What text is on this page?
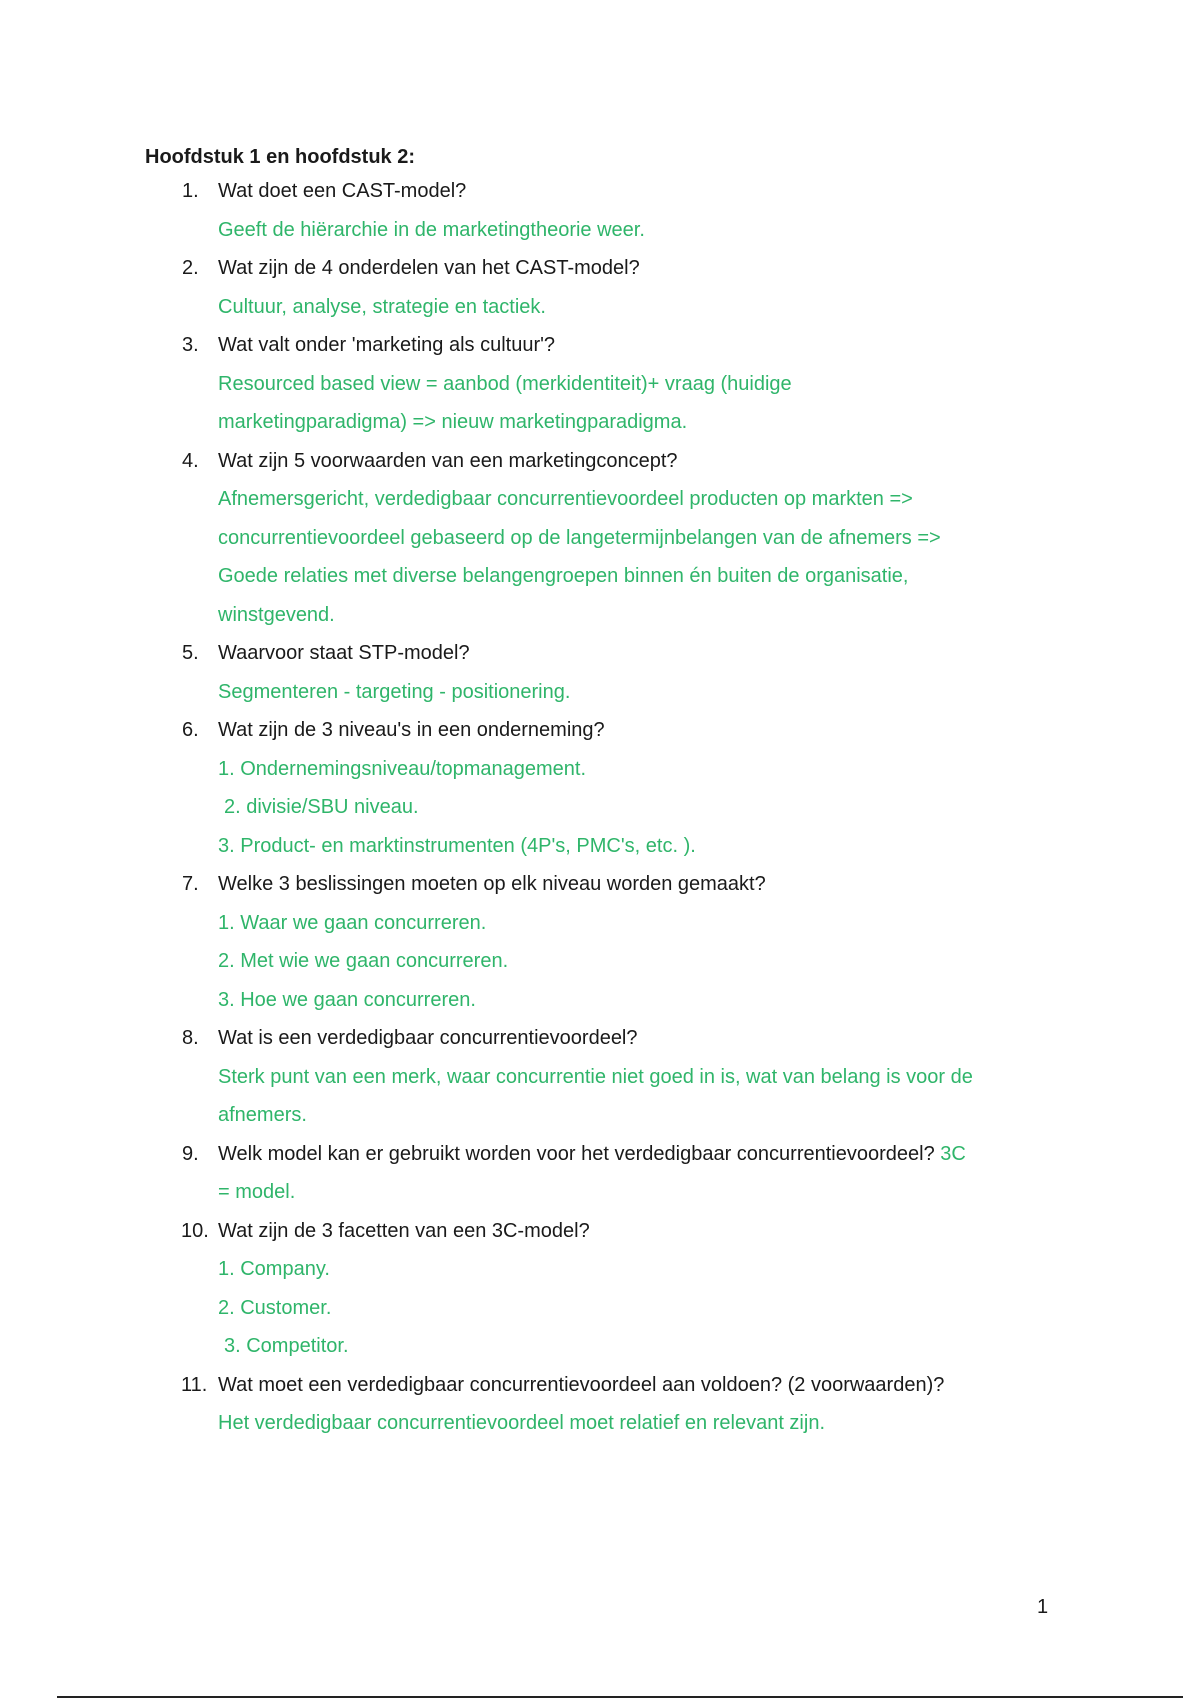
Hoofdstuk 1 en hoofdstuk 2:

1. Wat doet een CAST-model?

Geeft de hiërarchie in de marketingtheorie weer.

2. Wat zijn de 4 onderdelen van het CAST-model?

Cultuur, analyse, strategie en tactiek.

3. Wat valt onder 'marketing als cultuur'?

Resourced based view = aanbod (merkidentiteit)+ vraag (huidige

marketingparadigma) => nieuw marketingparadigma.

4. Wat zijn 5 voorwaarden van een marketingconcept?

Afnemersgericht, verdedigbaar concurrentievoordeel producten op markten =>

concurrentievoordeel gebaseerd op de langetermijnbelangen van de afnemers =>

Goede relaties met diverse belangengroepen binnen én buiten de organisatie,

winstgevend.

5. Waarvoor staat STP-model?

Segmenteren - targeting - positionering.

6. Wat zijn de 3 niveau's in een onderneming?

1. Ondernemingsniveau/topmanagement.

2. divisie/SBU niveau.

3. Product- en marktinstrumenten (4P's, PMC's, etc. ).

7. Welke 3 beslissingen moeten op elk niveau worden gemaakt?

1. Waar we gaan concurreren.

2. Met wie we gaan concurreren.

3. Hoe we gaan concurreren.

8. Wat is een verdedigbaar concurrentievoordeel?

Sterk punt van een merk, waar concurrentie niet goed in is, wat van belang is voor de

afnemers.

9. Welk model kan er gebruikt worden voor het verdedigbaar concurrentievoordeel? 3C

= model.

10. Wat zijn de 3 facetten van een 3C-model?

1. Company.

2. Customer.

3. Competitor.

11. Wat moet een verdedigbaar concurrentievoordeel aan voldoen? (2 voorwaarden)?

Het verdedigbaar concurrentievoordeel moet relatief en relevant zijn.

1
